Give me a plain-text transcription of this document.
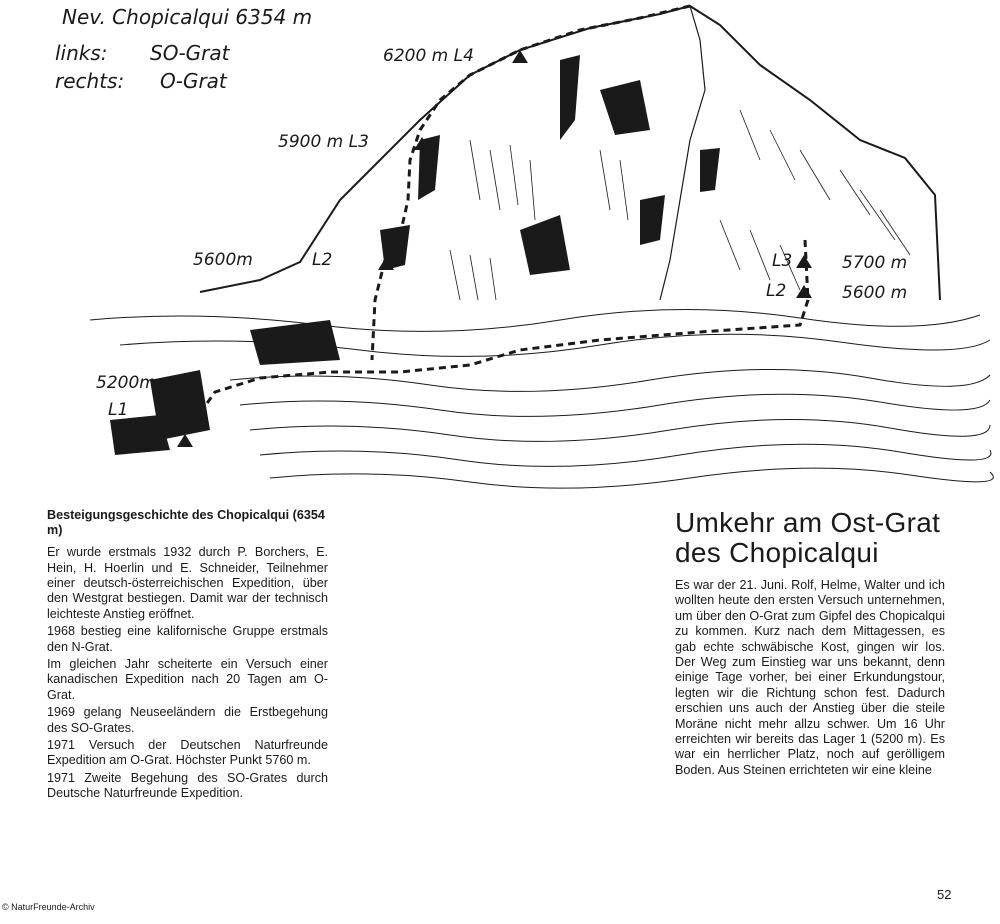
Nev. Chopicalqui 6354 m
links: SO-Grat
rechts: O-Grat
6200 m L4
5900 m L3
5600m	L2
5200m
L1
L3	5700 m
L2	5600 m
Besteigungsgeschichte des Chopicalqui (6354 m)

Er wurde erstmals 1932 durch P. Borchers, E. Hein, H. Hoerlin und E. Schneider, Teilnehmer einer deutsch-österreichischen Expedition, über den Westgrat bestiegen. Damit war der technisch leichteste Anstieg eröffnet.

1968 bestieg eine kalifornische Gruppe erstmals den N-Grat.

Im gleichen Jahr scheiterte ein Versuch einer kanadischen Expedition nach 20 Tagen am O-Grat.

1969 gelang Neuseeländern die Erstbegehung des SO-Grates.

1971 Versuch der Deutschen Naturfreunde Expedition am O-Grat. Höchster Punkt 5760 m.

1971 Zweite Begehung des SO-Grates durch Deutsche Naturfreunde Expedition.

Umkehr am Ost-Grat des Chopicalqui

Es war der 21. Juni. Rolf, Helme, Walter und ich wollten heute den ersten Versuch unternehmen, um über den O-Grat zum Gipfel des Chopicalqui zu kommen. Kurz nach dem Mittagessen, es gab echte schwäbische Kost, gingen wir los. Der Weg zum Einstieg war uns bekannt, denn einige Tage vorher, bei einer Erkundungstour, legten wir die Richtung schon fest. Dadurch erschien uns auch der Anstieg über die steile Moräne nicht mehr allzu schwer. Um 16 Uhr erreichten wir bereits das Lager 1 (5200 m). Es war ein herrlicher Platz, noch auf gerölligem Boden. Aus Steinen errichteten wir eine kleine

© NaturFreunde-Archiv
52
